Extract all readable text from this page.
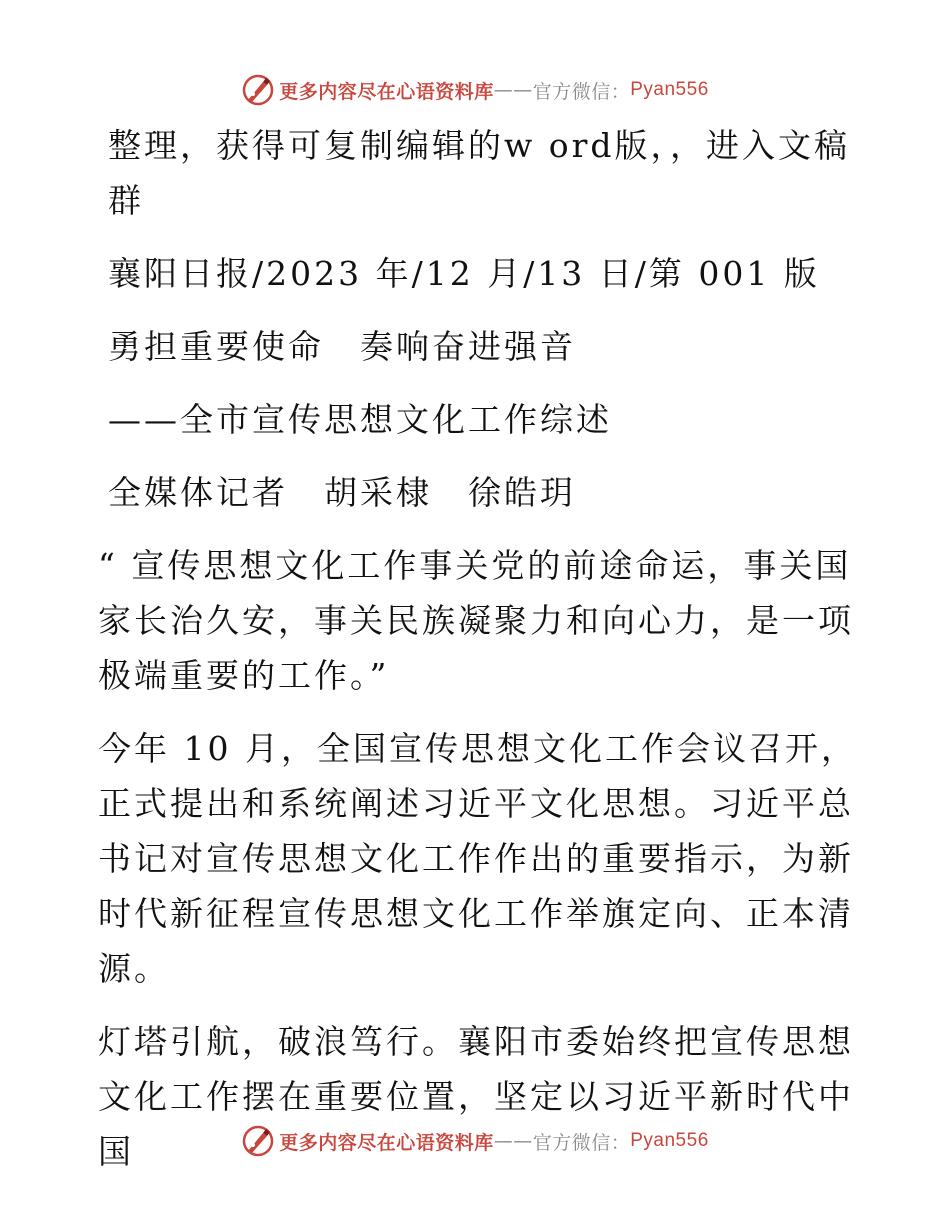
更多内容尽在心语资料库 —— 官方微信： Pyan556

整理，获得可复制编辑的w ord版，，进入文稿群

襄阳日报/2023 年/12 月/13 日/第 001 版

勇担重要使命　奏响奋进强音

——全市宣传思想文化工作综述

全媒体记者　胡采棣　徐皓玥

“ 宣传思想文化工作事关党的前途命运，事关国家长治久安，事关民族凝聚力和向心力，是一项极端重要的工作。”

今年 10 月，全国宣传思想文化工作会议召开，正式提出和系统阐述习近平文化思想。习近平总书记对宣传思想文化工作作出的重要指示，为新时代新征程宣传思想文化工作举旗定向、正本清源。

灯塔引航，破浪笃行。襄阳市委始终把宣传思想文化工作摆在重要位置，坚定以习近平新时代中国	更多内容尽在心语资料库 —— 官方微信： Pyan556
